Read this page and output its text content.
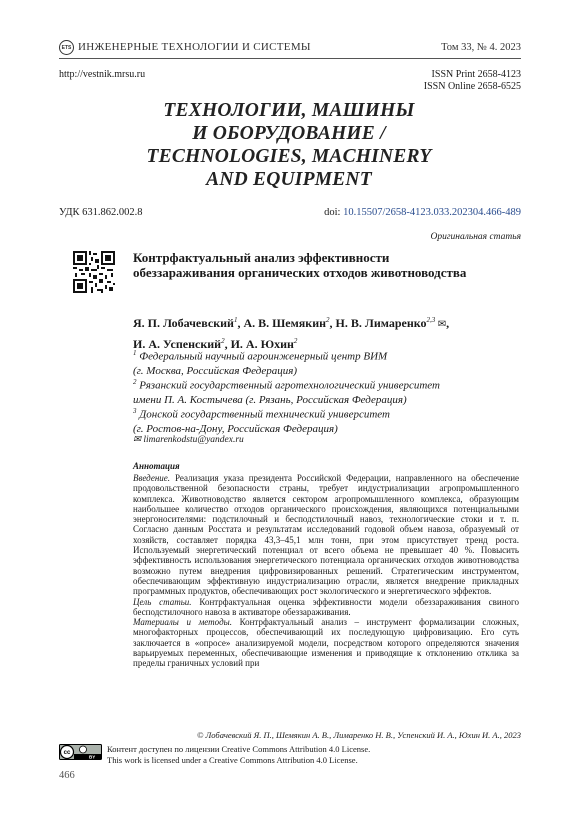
ETS ИНЖЕНЕРНЫЕ ТЕХНОЛОГИИ И СИСТЕМЫ	Том 33, № 4. 2023
http://vestnik.mrsu.ru	ISSN Print 2658-4123
ISSN Online 2658-6525
ТЕХНОЛОГИИ, МАШИНЫ
И ОБОРУДОВАНИЕ /
TECHNOLOGIES, MACHINERY
AND EQUIPMENT
УДК 631.862.002.8	doi: 10.15507/2658-4123.033.202304.466-489
Оригинальная статья
Контрфактуальный анализ эффективности обеззараживания органических отходов животноводства
Я. П. Лобачевский$^1$, А. В. Шемякин$^2$, Н. В. Лимаренко$^{2,3}$ ✉,
И. А. Успенский$^2$, И. А. Юхин$^2$
$^1$ Федеральный научный агроинженерный центр ВИМ
(г. Москва, Российская Федерация)
$^2$ Рязанский государственный агротехнологический университет
имени П. А. Костычева (г. Рязань, Российская Федерация)
$^3$ Донской государственный технический университет
(г. Ростов-на-Дону, Российская Федерация)
✉ limarenkodstu@yandex.ru
Аннотация

Введение. Реализация указа президента Российской Федерации, направленного на обеспечение продовольственной безопасности страны, требует индустриализации агропромышленного комплекса. Животноводство является сектором агропромышленного комплекса, образующим наибольшее количество отходов органического происхождения, являющихся потенциальными энергоносителями: подстилочный и бесподстилочный навоз, технологические стоки и т. п. Согласно данным Росстата и результатам исследований годовой объем навоза, образуемый от хозяйств, составляет порядка 43,3–45,1 млн тонн, при этом присутствует тренд роста. Используемый энергетический потенциал от всего объема не превышает 40 %. Повысить эффективность использования энергетического потенциала органических отходов животноводства возможно путем внедрения цифровизированных решений. Стратегическим инструментом, обеспечивающим эффективную индустриализацию отрасли, является внедрение прикладных программных продуктов, обеспечивающих рост экологического и энергетического эффектов.

Цель статьи. Контрфактуальная оценка эффективности модели обеззараживания свиного бесподстилочного навоза в активаторе обеззараживания.

Материалы и методы. Контрфактуальный анализ – инструмент формализации сложных, многофакторных процессов, обеспечивающий их последующую цифровизацию. Его суть заключается в «опросе» анализируемой модели, посредством которого определяются значения варьируемых переменных, обеспечивающие изменения и приводящие к отклонению отклика за пределы граничных условий при

© Лобачевский Я. П., Шемякин А. В., Лимаренко Н. В., Успенский И. А., Юхин И. А., 2023
cc
BY
Контент доступен по лицензии Creative Commons Attribution 4.0 License.
This work is licensed under a Creative Commons Attribution 4.0 License.
466
